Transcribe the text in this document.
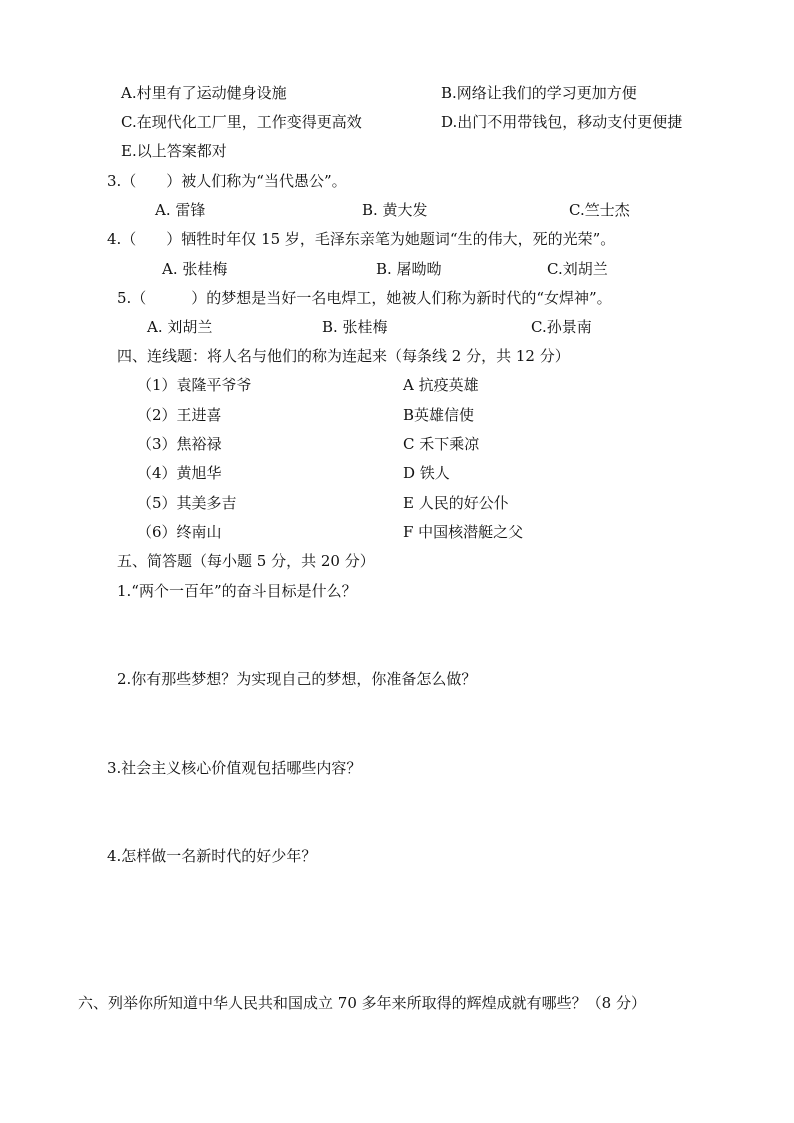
A.村里有了运动健身设施	B.网络让我们的学习更加方便
C.在现代化工厂里，工作变得更高效	D.出门不用带钱包，移动支付更便捷
E.以上答案都对
3.（　　）被人们称为“当代愚公”。
A. 雷锋	B. 黄大发	C.竺士杰
4.（　　）牺牲时年仅 15 岁，毛泽东亲笔为她题词“生的伟大，死的光荣”。
A. 张桂梅	B. 屠呦呦	C.刘胡兰
5.（　　　）的梦想是当好一名电焊工，她被人们称为新时代的“女焊神”。
A. 刘胡兰	B. 张桂梅	C.孙景南
四、连线题：将人名与他们的称为连起来（每条线 2 分，共 12 分）
（1）袁隆平爷爷	A 抗疫英雄
（2）王进喜	B英雄信使
（3）焦裕禄	C 禾下乘凉
（4）黄旭华	D 铁人
（5）其美多吉	E 人民的好公仆
（6）终南山	F 中国核潜艇之父
五、简答题（每小题 5 分，共 20 分）
1.“两个一百年”的奋斗目标是什么？
2.你有那些梦想？为实现自己的梦想，你准备怎么做？
3.社会主义核心价值观包括哪些内容？
4.怎样做一名新时代的好少年？
六、列举你所知道中华人民共和国成立 70 多年来所取得的辉煌成就有哪些？（8 分）
